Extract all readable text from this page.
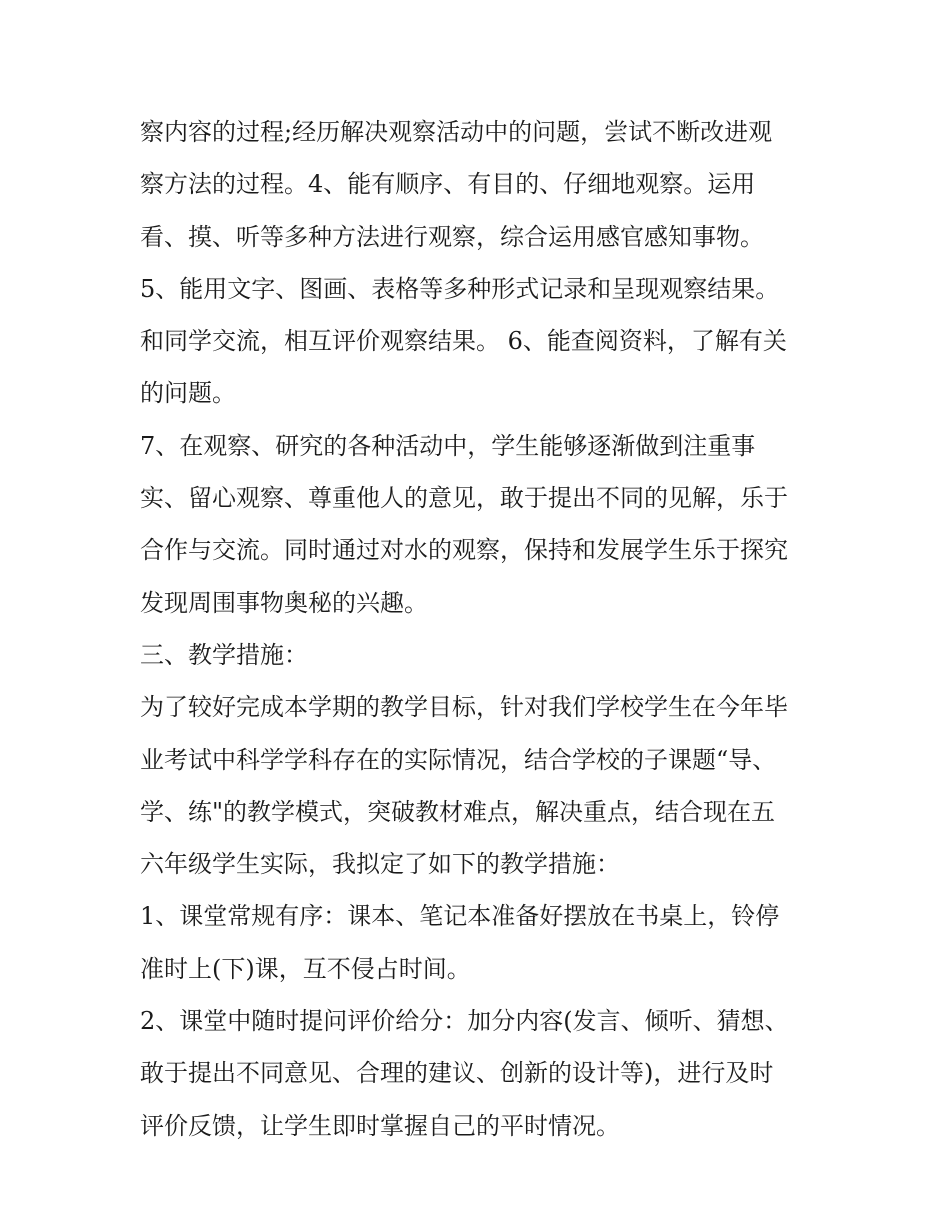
察内容的过程;经历解决观察活动中的问题，尝试不断改进观
察方法的过程。4、能有顺序、有目的、仔细地观察。运用
看、摸、听等多种方法进行观察，综合运用感官感知事物。
5、能用文字、图画、表格等多种形式记录和呈现观察结果。
和同学交流，相互评价观察结果。 6、能查阅资料，了解有关
的问题。
7、在观察、研究的各种活动中，学生能够逐渐做到注重事
实、留心观察、尊重他人的意见，敢于提出不同的见解，乐于
合作与交流。同时通过对水的观察，保持和发展学生乐于探究
发现周围事物奥秘的兴趣。
三、教学措施：
为了较好完成本学期的教学目标，针对我们学校学生在今年毕
业考试中科学学科存在的实际情况，结合学校的子课题“导、
学、练"的教学模式，突破教材难点，解决重点，结合现在五
六年级学生实际，我拟定了如下的教学措施：
1、课堂常规有序：课本、笔记本准备好摆放在书桌上，铃停
准时上(下)课，互不侵占时间。
2、课堂中随时提问评价给分：加分内容(发言、倾听、猜想、
敢于提出不同意见、合理的建议、创新的设计等)，进行及时
评价反馈，让学生即时掌握自己的平时情况。
